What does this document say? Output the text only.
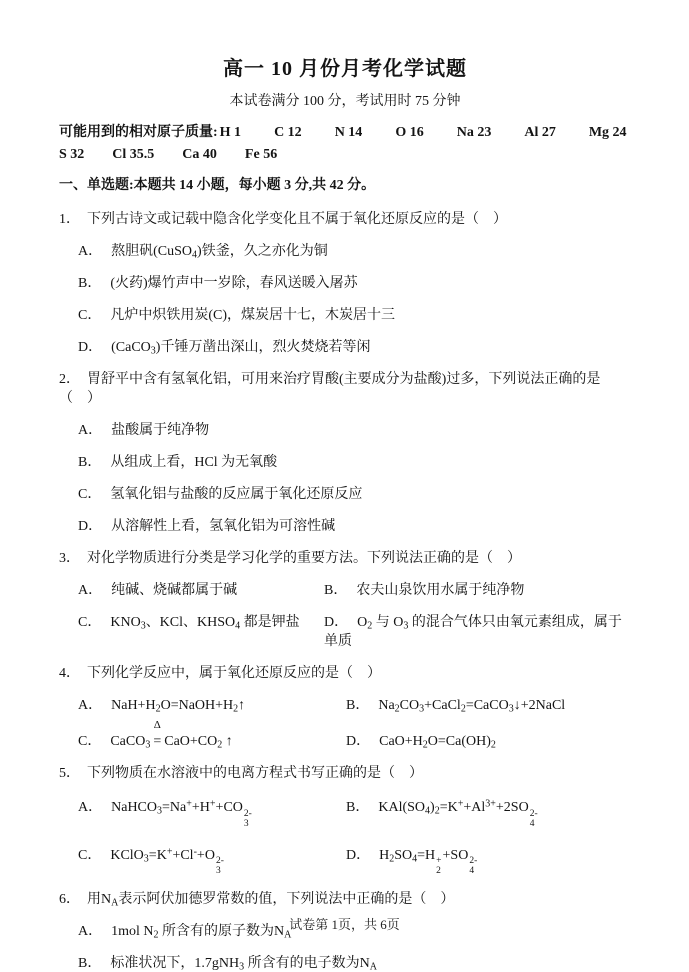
高一 10 月份月考化学试题
本试卷满分 100 分，考试用时 75 分钟
可能用到的相对原子质量: H 1 C 12 N 14 O 16 Na 23 Al 27 Mg 24
S 32 Cl 35.5 Ca 40 Fe 56
一、单选题:本题共 14 小题，每小题 3 分,共 42 分。
1． 下列古诗文或记载中隐含化学变化且不属于氧化还原反应的是（　）
A． 熬胆矾(CuSO$_4$)铁釜，久之亦化为铜
B． (火药)爆竹声中一岁除，春风送暖入屠苏
C． 凡炉中炽铁用炭(C)，煤炭居十七，木炭居十三
D． (CaCO$_3$)千锤万凿出深山，烈火焚烧若等闲
2． 胃舒平中含有氢氧化铝，可用来治疗胃酸(主要成分为盐酸)过多，下列说法正确的是（　）
A． 盐酸属于纯净物
B． 从组成上看，HCl 为无氧酸
C． 氢氧化铝与盐酸的反应属于氧化还原反应
D． 从溶解性上看，氢氧化铝为可溶性碱
3． 对化学物质进行分类是学习化学的重要方法。下列说法正确的是（　）
A． 纯碱、烧碱都属于碱	B． 农夫山泉饮用水属于纯净物
C． $KNO_3$、KCl、$KHSO_4$ 都是钾盐	D． $O_2$ 与 $O_3$ 的混合气体只由氧元素组成，属于单质
4． 下列化学反应中，属于氧化还原反应的是（　）
A． $NaH+H_2O=NaOH+H_2↑$	B． $Na_2CO_3+CaCl_2=CaCO_3↓+2NaCl$
C． CaCO$_3$
Δ
= $CaO+CO_2$ ↑	D． $CaO+H_2O=Ca(OH)_2$
5． 下列物质在水溶液中的电离方程式书写正确的是（　）
A． NaHCO$_3$=Na++H++CO 2-
3
B． $KAl(SO_4)_2=K^++Al^{3+}+2SO$ 2-
4
C． KClO$_3$=K++Cl-+O 2-
3
D． $H_2SO_4=H$ +
2
+SO 2-
4
6． 用$N_A$表示阿伏加德罗常数的值，下列说法中正确的是（　）
A． 1mol $N_2$ 所含有的原子数为$N_A$
B． 标准状况下，1.7gNH$_3$ 所含有的电子数为$N_A$
试卷第 1页，共 6页
